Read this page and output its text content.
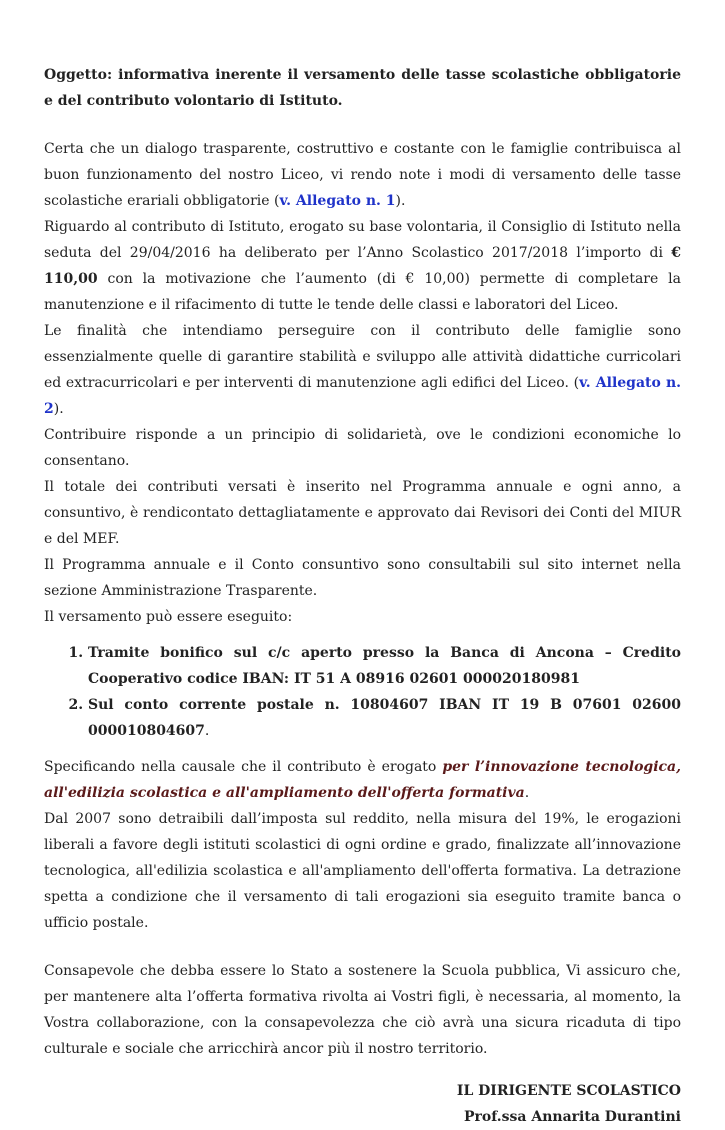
Oggetto: informativa inerente il versamento delle tasse scolastiche obbligatorie e del contributo volontario di Istituto.

Certa che un dialogo trasparente, costruttivo e costante con le famiglie contribuisca al buon funzionamento del nostro Liceo, vi rendo note i modi di versamento delle tasse scolastiche erariali obbligatorie (v. Allegato n. 1).

Riguardo al contributo di Istituto, erogato su base volontaria, il Consiglio di Istituto nella seduta del 29/04/2016 ha deliberato per l’Anno Scolastico 2017/2018 l’importo di € 110,00 con la motivazione che l’aumento (di € 10,00) permette di completare la manutenzione e il rifacimento di tutte le tende delle classi e laboratori del Liceo.

Le finalità che intendiamo perseguire con il contributo delle famiglie sono essenzialmente quelle di garantire stabilità e sviluppo alle attività didattiche curricolari ed extracurricolari e per interventi di manutenzione agli edifici del Liceo. (v. Allegato n. 2).

Contribuire risponde a un principio di solidarietà, ove le condizioni economiche lo consentano.

Il totale dei contributi versati è inserito nel Programma annuale e ogni anno, a consuntivo, è rendicontato dettagliatamente e approvato dai Revisori dei Conti del MIUR e del MEF.

Il Programma annuale e il Conto consuntivo sono consultabili sul sito internet nella sezione Amministrazione Trasparente.

Il versamento può essere eseguito:

1. Tramite bonifico sul c/c aperto presso la Banca di Ancona – Credito Cooperativo codice IBAN: IT 51 A 08916 02601 000020180981
2. Sul conto corrente postale n. 10804607 IBAN IT 19 B 07601 02600 000010804607.

Specificando nella causale che il contributo è erogato per l’innovazione tecnologica, all'edilizia scolastica e all'ampliamento dell'offerta formativa.

Dal 2007 sono detraibili dall’imposta sul reddito, nella misura del 19%, le erogazioni liberali a favore degli istituti scolastici di ogni ordine e grado, finalizzate all’innovazione tecnologica, all'edilizia scolastica e all'ampliamento dell'offerta formativa. La detrazione spetta a condizione che il versamento di tali erogazioni sia eseguito tramite banca o ufficio postale.

Consapevole che debba essere lo Stato a sostenere la Scuola pubblica, Vi assicuro che, per mantenere alta l’offerta formativa rivolta ai Vostri figli, è necessaria, al momento, la Vostra collaborazione, con la consapevolezza che ciò avrà una sicura ricaduta di tipo culturale e sociale che arricchirà ancor più il nostro territorio.

IL DIRIGENTE SCOLASTICO
Prof.ssa Annarita Durantini
